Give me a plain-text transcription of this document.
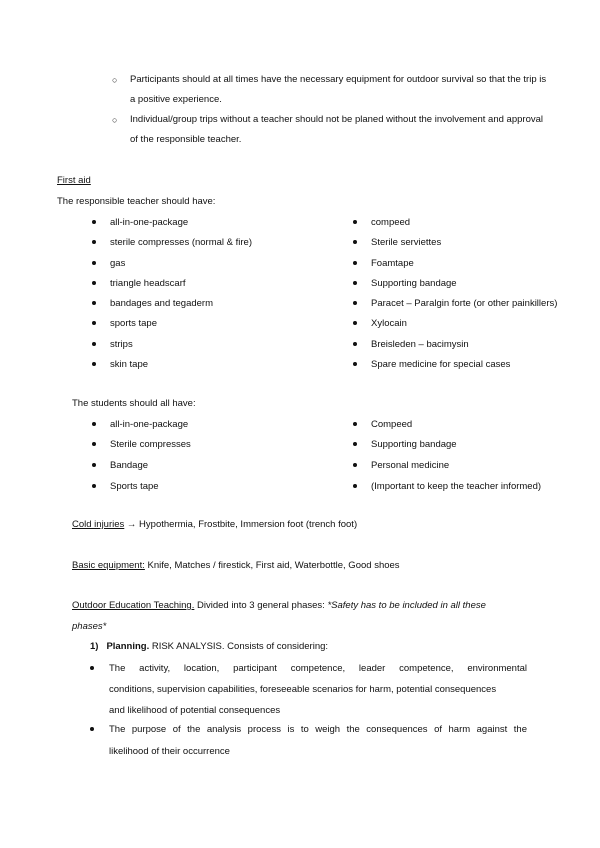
○	Participants should at all times have the necessary equipment for outdoor survival so that the trip is a positive experience.
○	Individual/group trips without a teacher should not be planed without the involvement and approval of the responsible teacher.
First aid
The responsible teacher should have:
all-in-one-package
sterile compresses (normal & fire)
gas
triangle headscarf
bandages and tegaderm
sports tape
strips
skin tape
compeed
Sterile serviettes
Foamtape
Supporting bandage
Paracet – Paralgin forte (or other painkillers)
Xylocain
Breisleden – bacimysin
Spare medicine for special cases
The students should all have:
all-in-one-package
Sterile compresses
Bandage
Sports tape
Compeed
Supporting bandage
Personal medicine
(Important to keep the teacher informed)
Cold injuries → Hypothermia, Frostbite, Immersion foot (trench foot)
Basic equipment: Knife, Matches / firestick, First aid, Waterbottle, Good shoes
Outdoor Education Teaching. Divided into 3 general phases: *Safety has to be included in all these
phases*
1) Planning. RISK ANALYSIS. Consists of considering:
The activity, location, participant competence, leader competence, environmental
conditions, supervision capabilities, foreseeable scenarios for harm, potential consequences
and likelihood of potential consequences
The purpose of the analysis process is to weigh the consequences of harm against the
likelihood of their occurrence
